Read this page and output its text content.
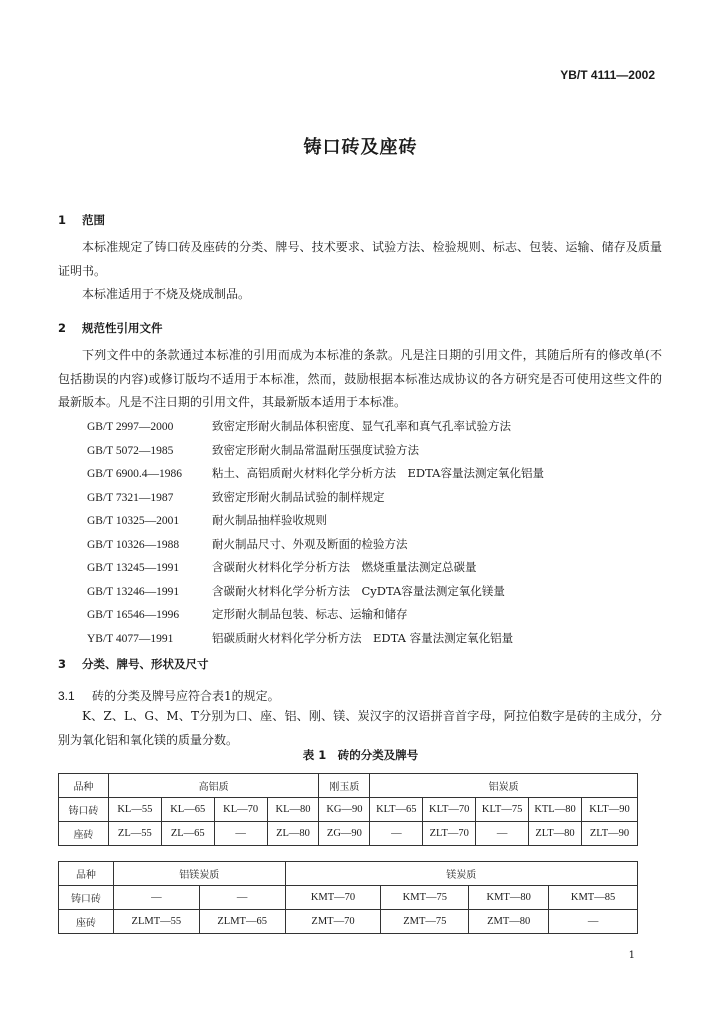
YB/T 4111—2002
铸口砖及座砖
1 范围

本标准规定了铸口砖及座砖的分类、牌号、技术要求、试验方法、检验规则、标志、包装、运输、储存及质量证明书。

本标准适用于不烧及烧成制品。

2 规范性引用文件

下列文件中的条款通过本标准的引用而成为本标准的条款。凡是注日期的引用文件，其随后所有的修改单(不包括勘误的内容)或修订版均不适用于本标准，然而，鼓励根据本标准达成协议的各方研究是否可使用这些文件的最新版本。凡是不注日期的引用文件，其最新版本适用于本标准。

GB/T 2997—2000	致密定形耐火制品体积密度、显气孔率和真气孔率试验方法
GB/T 5072—1985	致密定形耐火制品常温耐压强度试验方法
GB/T 6900.4—1986	粘土、高铝质耐火材料化学分析方法　EDTA容量法测定氧化铝量
GB/T 7321—1987	致密定形耐火制品试验的制样规定
GB/T 10325—2001	耐火制品抽样验收规则
GB/T 10326—1988	耐火制品尺寸、外观及断面的检验方法
GB/T 13245—1991	含碳耐火材料化学分析方法　燃烧重量法测定总碳量
GB/T 13246—1991	含碳耐火材料化学分析方法　CyDTA容量法测定氧化镁量
GB/T 16546—1996	定形耐火制品包装、标志、运输和储存
YB/T 4077—1991	铝碳质耐火材料化学分析方法　EDTA 容量法测定氧化铝量
3 分类、牌号、形状及尺寸
3.1 砖的分类及牌号应符合表1的规定。

K、Z、L、G、M、T分别为口、座、铝、刚、镁、炭汉字的汉语拼音首字母，阿拉伯数字是砖的主成分，分别为氧化铝和氧化镁的质量分数。

表 1　砖的分类及牌号
品种	高铝质				刚玉质	铝炭质				
铸口砖	KL—55	KL—65	KL—70	KL—80	KG—90	KLT—65	KLT—70	KLT—75	KTL—80	KLT—90
座砖	ZL—55	ZL—65	—	ZL—80	ZG—90	—	ZLT—70	—	ZLT—80	ZLT—90
品种	铝镁炭质		镁炭质			
铸口砖	—	—	KMT—70	KMT—75	KMT—80	KMT—85
座砖	ZLMT—55	ZLMT—65	ZMT—70	ZMT—75	ZMT—80	—
1
